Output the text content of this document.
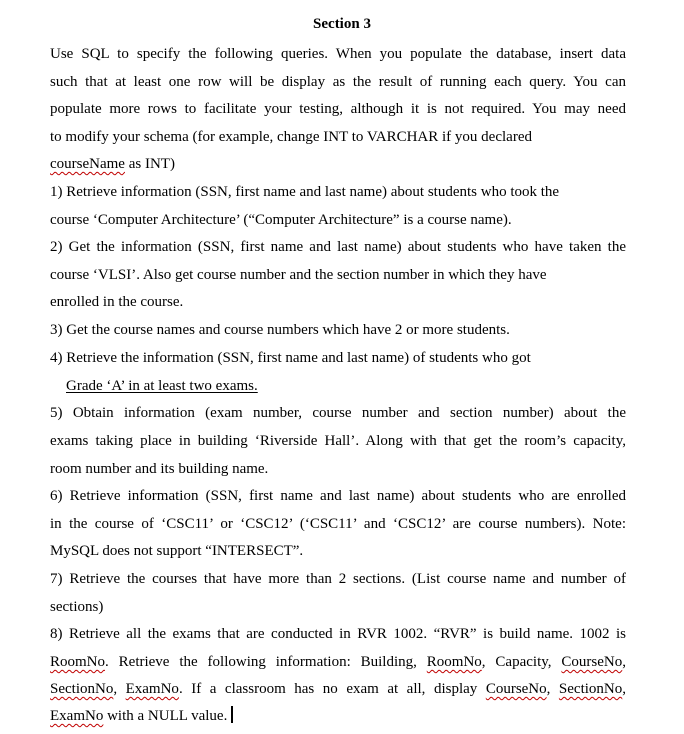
Section 3
Use SQL to specify the following queries. When you populate the database, insert data
such that at least one row will be display as the result of running each query. You can
populate more rows to facilitate your testing, although it is not required. You may need
to modify your schema (for example, change INT to VARCHAR if you declared
courseName as INT)
1) Retrieve information (SSN, first name and last name) about students who took the
course ‘Computer Architecture’ (“Computer Architecture” is a course name).
2) Get the information (SSN, first name and last name) about students who have taken the
course ‘VLSI’. Also get course number and the section number in which they have
enrolled in the course.
3) Get the course names and course numbers which have 2 or more students.
4) Retrieve the information (SSN, first name and last name) of students who got
Grade ‘A’ in at least two exams.
5) Obtain information (exam number, course number and section number) about the
exams taking place in building ‘Riverside Hall’. Along with that get the room’s capacity,
room number and its building name.
6) Retrieve information (SSN, first name and last name) about students who are enrolled
in the course of ‘CSC11’ or ‘CSC12’ (‘CSC11’ and ‘CSC12’ are course numbers). Note:
MySQL does not support “INTERSECT”.
7) Retrieve the courses that have more than 2 sections. (List course name and number of
sections)
8) Retrieve all the exams that are conducted in RVR 1002. “RVR” is build name. 1002 is
RoomNo. Retrieve the following information: Building, RoomNo, Capacity, CourseNo,
SectionNo, ExamNo. If a classroom has no exam at all, display CourseNo, SectionNo,
ExamNo with a NULL value.
